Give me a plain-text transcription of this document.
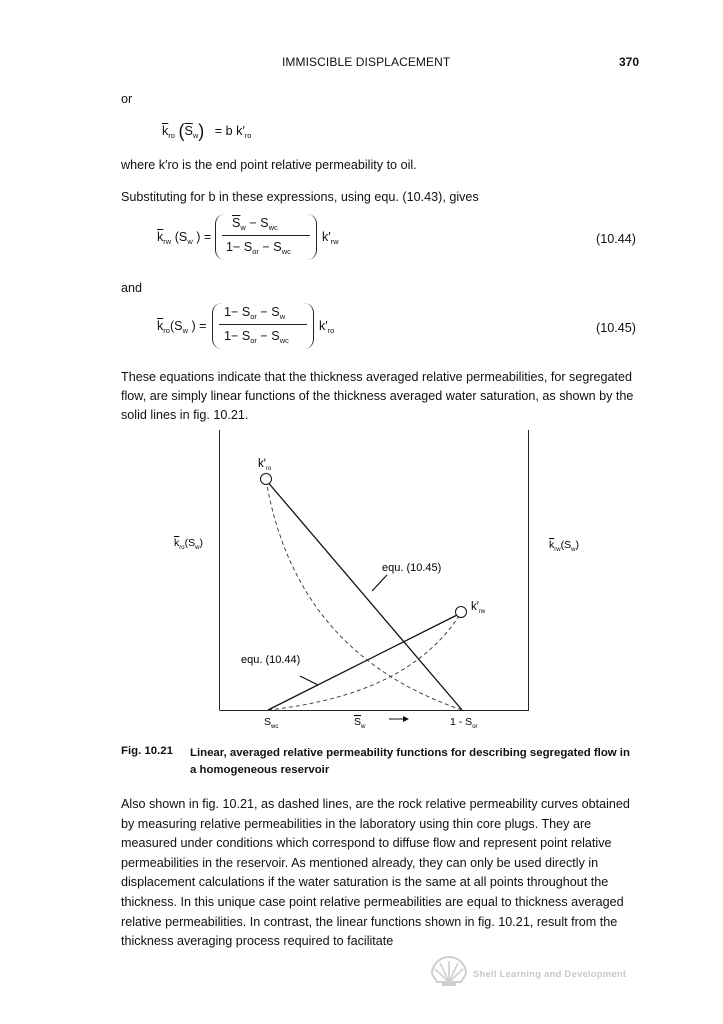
IMMISCIBLE DISPLACEMENT	370
or
$\overline{k}_{ro}$ $(\overline{S}_w) = b$ $k'_{ro}$
where k′ro is the end point relative permeability to oil.
Substituting for b in these expressions, using equ. (10.43), gives
$\overline{k}_{rw}$ ($S_w$ ) =
$\overline{S}_w - S_{wc}$
$1- S_{or} - S_{wc}$
$k'_{rw}$	(10.44)
and
$\overline{k}_{ro}(S_w$ ) =
$1- S_{or} - S_w$
$1- S_{or} - S_{wc}$
$k'_{ro}$	(10.45)
These equations indicate that the thickness averaged relative permeabilities, for segregated flow, are simply linear functions of the thickness averaged water saturation, as shown by the solid lines in fig. 10.21.
$k'_{ro}$
$k'_{rw}$
$k_{ro}(S_w)$	$k_{rw}(S_w)$
equ. (10.45)
equ. (10.44)
$S_{wc}$	$S_w$	$1 - S_{or}$
Fig. 10.21 Linear, averaged relative permeability functions for describing segregated flow in a homogeneous reservoir
Also shown in fig. 10.21, as dashed lines, are the rock relative permeability curves obtained by measuring relative permeabilities in the laboratory using thin core plugs. They are measured under conditions which correspond to diffuse flow and represent point relative permeabilities in the reservoir. As mentioned already, they can only be used directly in displacement calculations if the water saturation is the same at all points throughout the thickness. In this unique case point relative permeabilities are equal to thickness averaged relative permeabilities. In contrast, the linear functions shown in fig. 10.21, result from the thickness averaging process required to facilitate
Shell Learning and Development
